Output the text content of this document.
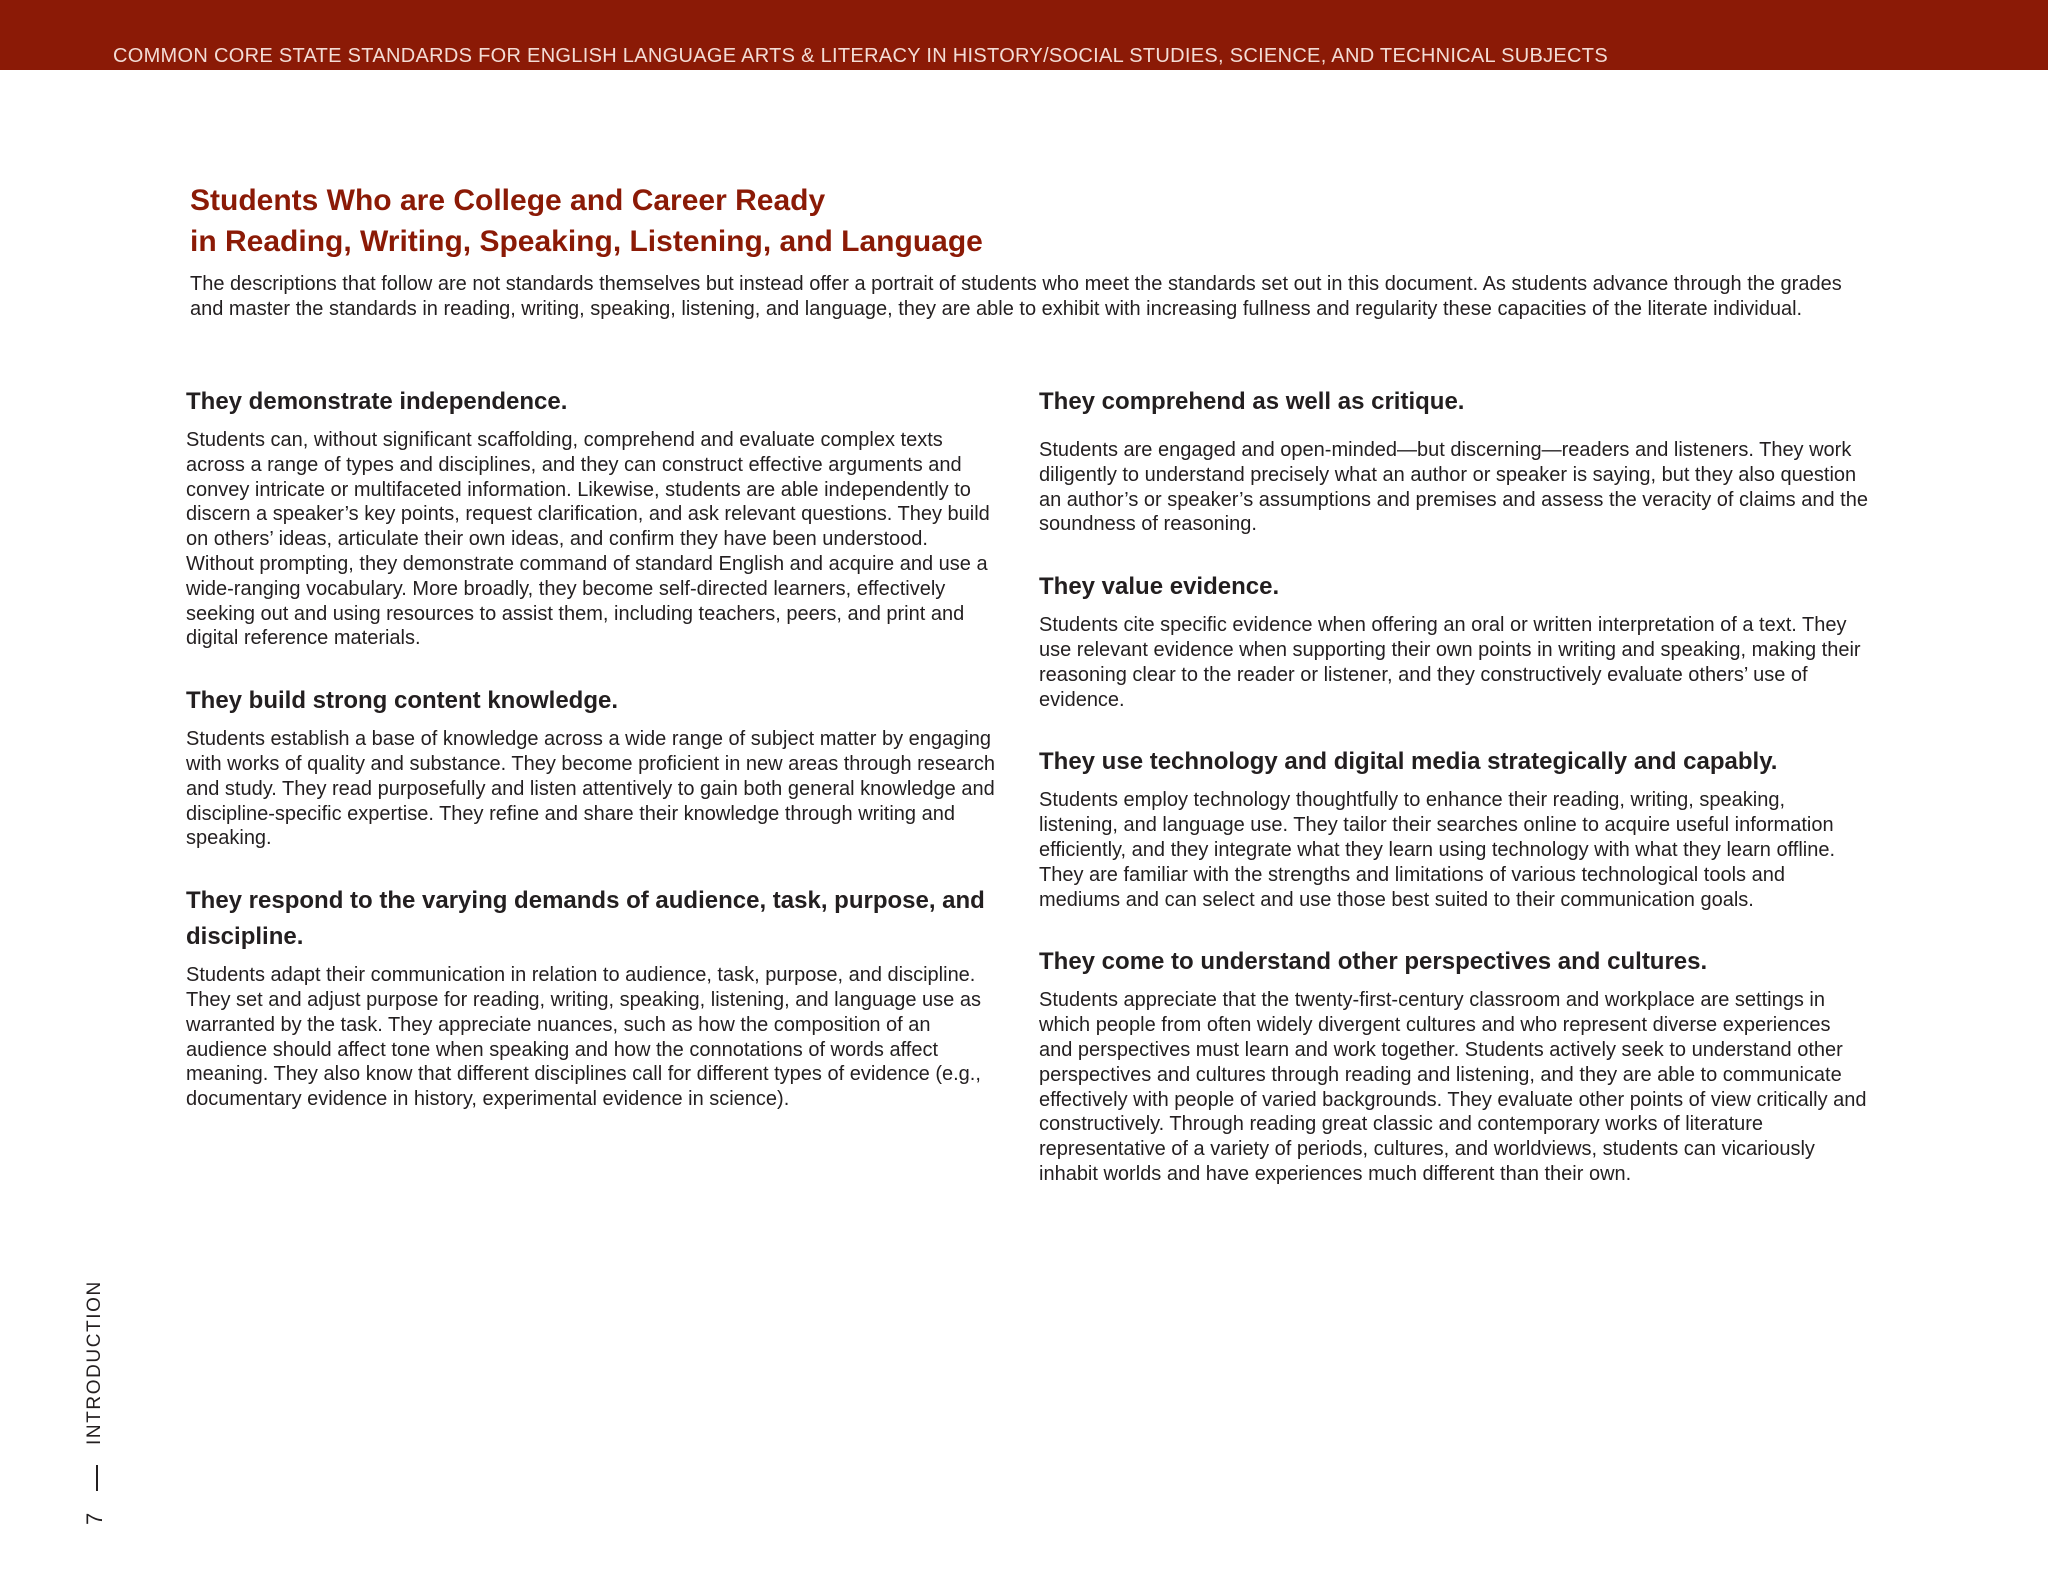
COMMON CORE STATE STANDARDS FOR ENGLISH LANGUAGE ARTS & LITERACY IN HISTORY/SOCIAL STUDIES, SCIENCE, AND TECHNICAL SUBJECTS
Students Who are College and Career Ready
in Reading, Writing, Speaking, Listening, and Language

The descriptions that follow are not standards themselves but instead offer a portrait of students who meet the standards set out in this document. As students advance through the grades and master the standards in reading, writing, speaking, listening, and language, they are able to exhibit with increasing fullness and regularity these capacities of the literate individual.

They demonstrate independence.

Students can, without significant scaffolding, comprehend and evaluate complex texts across a range of types and disciplines, and they can construct effective arguments and convey intricate or multifaceted information. Likewise, students are able independently to discern a speaker’s key points, request clarification, and ask relevant questions. They build on others’ ideas, articulate their own ideas, and confirm they have been understood. Without prompting, they demonstrate command of standard English and acquire and use a wide-ranging vocabulary. More broadly, they become self-directed learners, effectively seeking out and using resources to assist them, including teachers, peers, and print and digital reference materials.

They build strong content knowledge.

Students establish a base of knowledge across a wide range of subject matter by engaging with works of quality and substance. They become proficient in new areas through research and study. They read purposefully and listen attentively to gain both general knowledge and discipline-specific expertise. They refine and share their knowledge through writing and speaking.

They respond to the varying demands of audience, task, purpose, and discipline.

Students adapt their communication in relation to audience, task, purpose, and discipline. They set and adjust purpose for reading, writing, speaking, listening, and language use as warranted by the task. They appreciate nuances, such as how the composition of an audience should affect tone when speaking and how the connotations of words affect meaning. They also know that different disciplines call for different types of evidence (e.g., documentary evidence in history, experimental evidence in science).

They comprehend as well as critique.

Students are engaged and open-minded—but discerning—readers and listeners. They work diligently to understand precisely what an author or speaker is saying, but they also question an author’s or speaker’s assumptions and premises and assess the veracity of claims and the soundness of reasoning.

They value evidence.

Students cite specific evidence when offering an oral or written interpretation of a text. They use relevant evidence when supporting their own points in writing and speaking, making their reasoning clear to the reader or listener, and they constructively evaluate others’ use of evidence.

They use technology and digital media strategically and capably.

Students employ technology thoughtfully to enhance their reading, writing, speaking, listening, and language use. They tailor their searches online to acquire useful information efficiently, and they integrate what they learn using technology with what they learn offline. They are familiar with the strengths and limitations of various technological tools and mediums and can select and use those best suited to their communication goals.

They come to understand other perspectives and cultures.

Students appreciate that the twenty-first-century classroom and workplace are settings in which people from often widely divergent cultures and who represent diverse experiences and perspectives must learn and work together. Students actively seek to understand other perspectives and cultures through reading and listening, and they are able to communicate effectively with people of varied backgrounds. They evaluate other points of view critically and constructively. Through reading great classic and contemporary works of literature representative of a variety of periods, cultures, and worldviews, students can vicariously inhabit worlds and have experiences much different than their own.

INTRODUCTION
7
